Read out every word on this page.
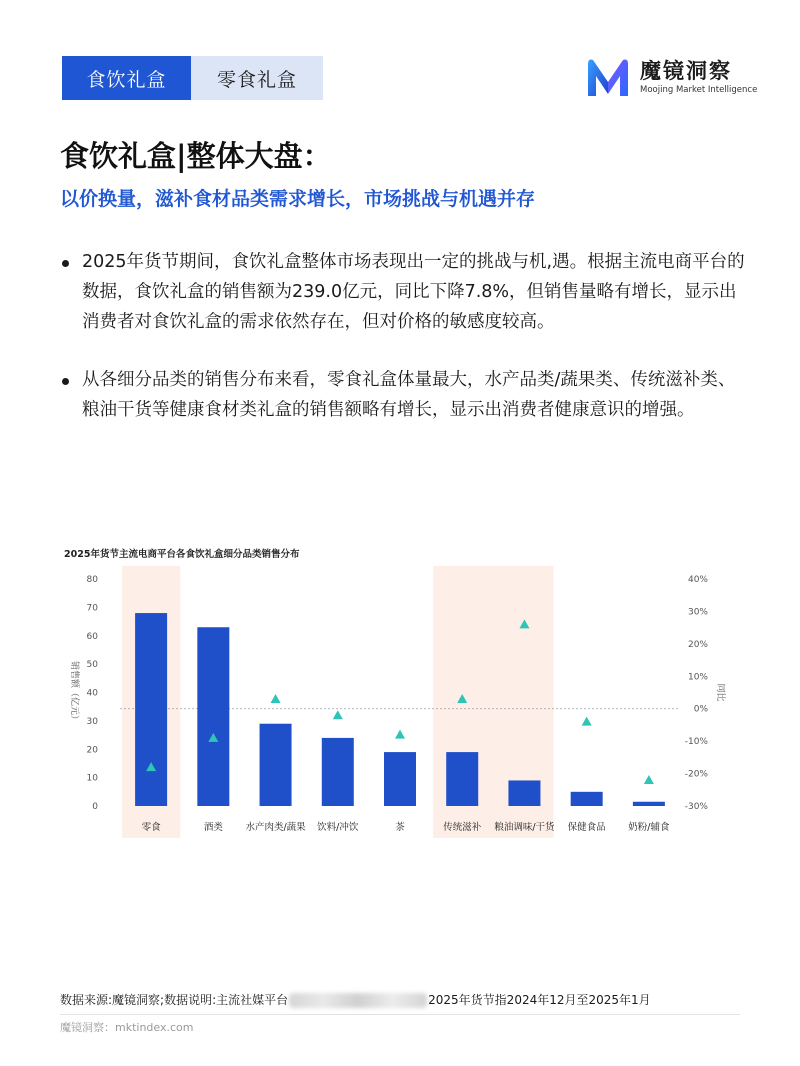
食饮礼盒	零食礼盒	魔镜洞察
Moojing Market Intelligence
食饮礼盒|整体大盘：
以价换量，滋补食材品类需求增长，市场挑战与机遇并存
2025年货节期间，食饮礼盒整体市场表现出一定的挑战与机,遇。根据主流电商平台的数据，食饮礼盒的销售额为239.0亿元，同比下降7.8%，但销售量略有增长，显示出消费者对食饮礼盒的需求依然存在，但对价格的敏感度较高。
从各细分品类的销售分布来看，零食礼盒体量最大，水产品类/蔬果类、传统滋补类、粮油干货等健康食材类礼盒的销售额略有增长，显示出消费者健康意识的增强。
2025年货节主流电商平台各食饮礼盒细分品类销售分布
0
10
20
30
40
50
60
70
80
-30%
-20%
-10%
0%
10%
20%
30%
40%
销售额（亿元）	同比
零食	酒类 水产肉类/蔬果 饮料/冲饮	茶	传统滋补 粮油调味/干货 保健食品 奶粉/辅食
数据来源:魔镜洞察;数据说明:主流社媒平台	2025年货节指2024年12月至2025年1月
魔镜洞察：mktindex.com
